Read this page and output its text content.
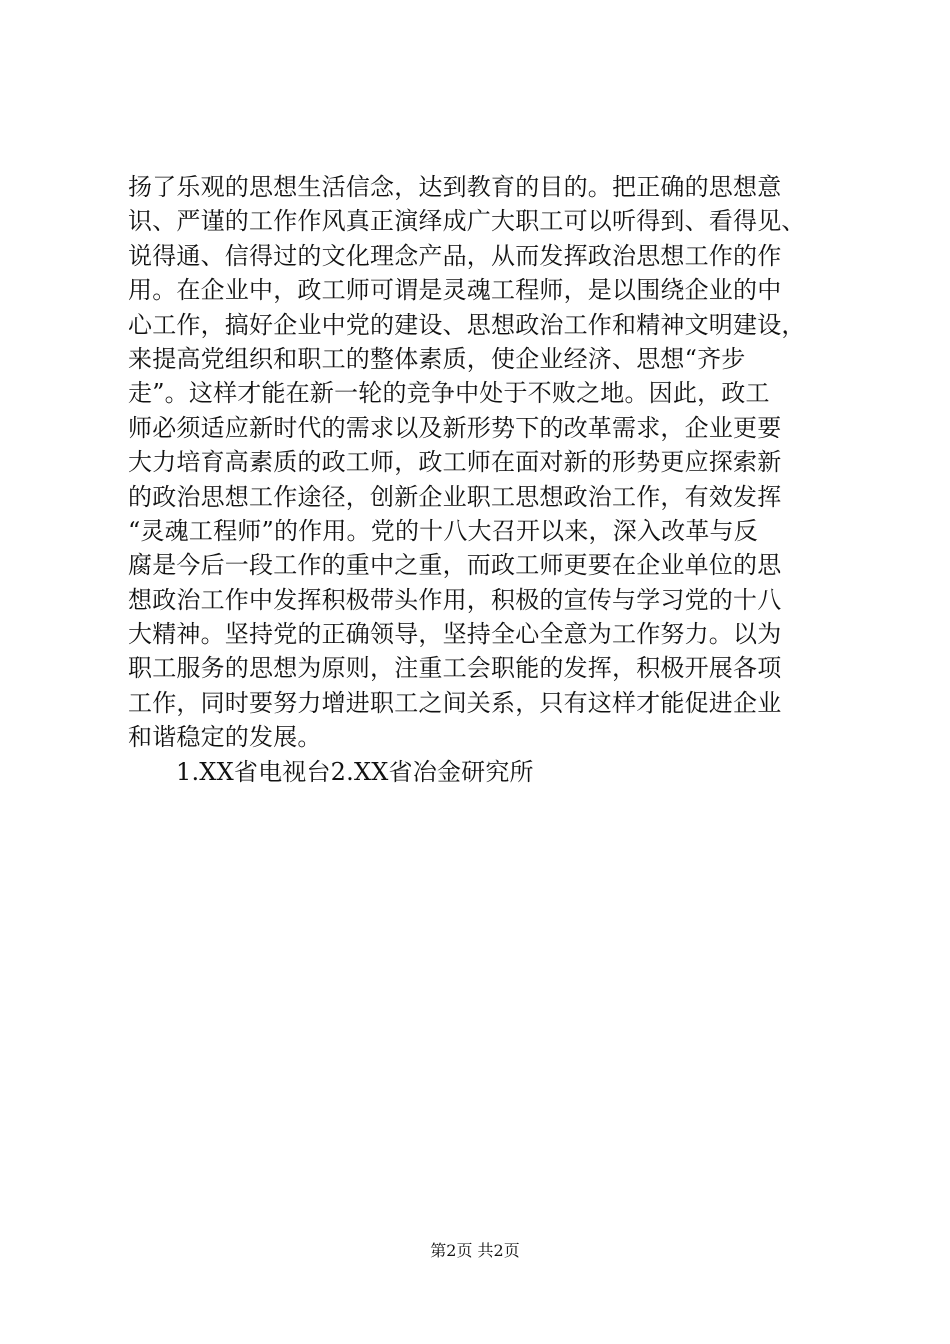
扬了乐观的思想生活信念，达到教育的目的。把正确的思想意
识、严谨的工作作风真正演绎成广大职工可以听得到、看得见、
说得通、信得过的文化理念产品，从而发挥政治思想工作的作
用。在企业中，政工师可谓是灵魂工程师，是以围绕企业的中
心工作，搞好企业中党的建设、思想政治工作和精神文明建设，
来提高党组织和职工的整体素质，使企业经济、思想“齐步
走”。这样才能在新一轮的竞争中处于不败之地。因此，政工
师必须适应新时代的需求以及新形势下的改革需求，企业更要
大力培育高素质的政工师，政工师在面对新的形势更应探索新
的政治思想工作途径，创新企业职工思想政治工作，有效发挥
“灵魂工程师”的作用。党的十八大召开以来，深入改革与反
腐是今后一段工作的重中之重，而政工师更要在企业单位的思
想政治工作中发挥积极带头作用，积极的宣传与学习党的十八
大精神。坚持党的正确领导，坚持全心全意为工作努力。以为
职工服务的思想为原则，注重工会职能的发挥，积极开展各项
工作，同时要努力增进职工之间关系，只有这样才能促进企业
和谐稳定的发展。
1.XX省电视台2.XX省冶金研究所
第2页 共2页
